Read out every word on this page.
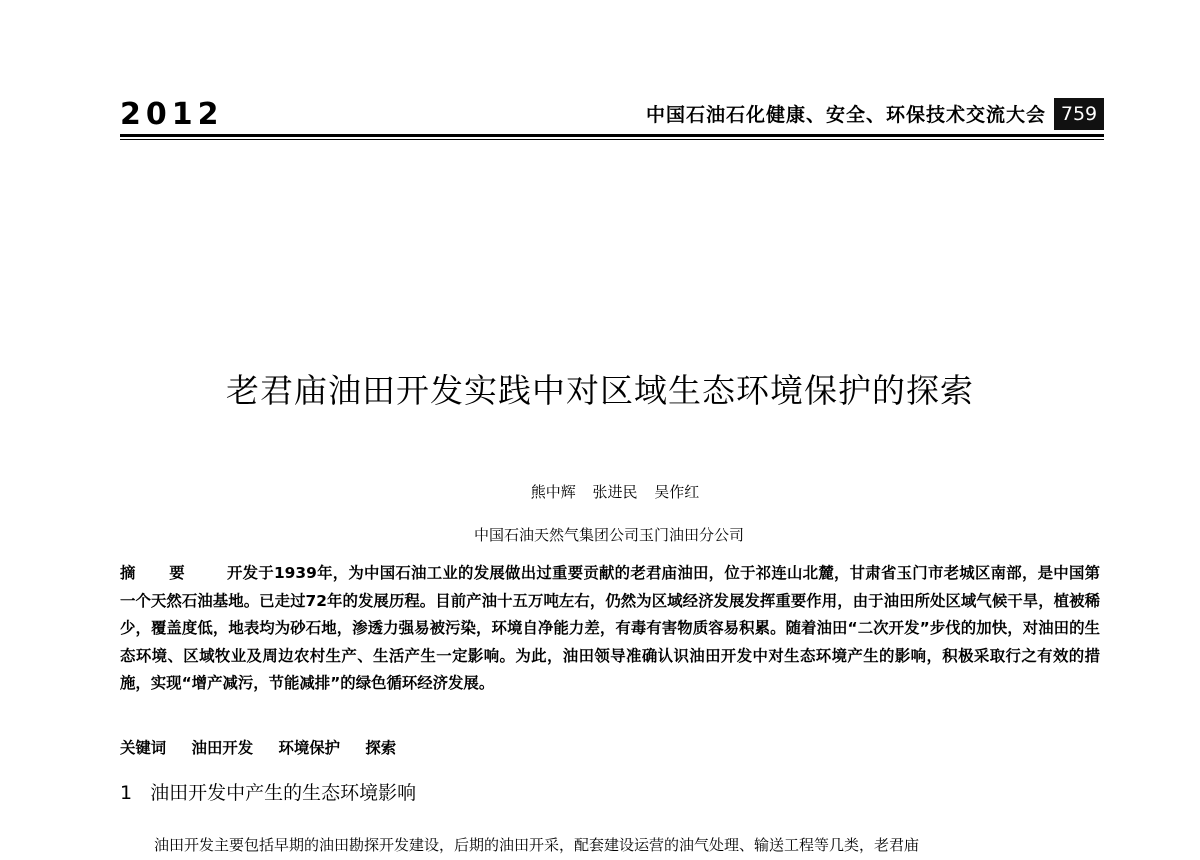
2012	中国石油石化健康、安全、环保技术交流大会 759
老君庙油田开发实践中对区域生态环境保护的探索
熊中辉 张进民 吴作红
中国石油天然气集团公司玉门油田分公司

摘 要 开发于1939年，为中国石油工业的发展做出过重要贡献的老君庙油田，位于祁连山北麓，甘肃省玉门市老城区南部，是中国第一个天然石油基地。已走过72年的发展历程。目前产油十五万吨左右，仍然为区域经济发展发挥重要作用，由于油田所处区域气候干旱，植被稀少，覆盖度低，地表均为砂石地，渗透力强易被污染，环境自净能力差，有毒有害物质容易积累。随着油田“二次开发”步伐的加快，对油田的生态环境、区域牧业及周边农村生产、生活产生一定影响。为此，油田领导准确认识油田开发中对生态环境产生的影响，积极采取行之有效的措施，实现“增产减污，节能减排”的绿色循环经济发展。

关键词 油田开发 环境保护 探索
1 油田开发中产生的生态环境影响
油田开发主要包括早期的油田勘探开发建设，后期的油田开采，配套建设运营的油气处理、输送工程等几类，老君庙
